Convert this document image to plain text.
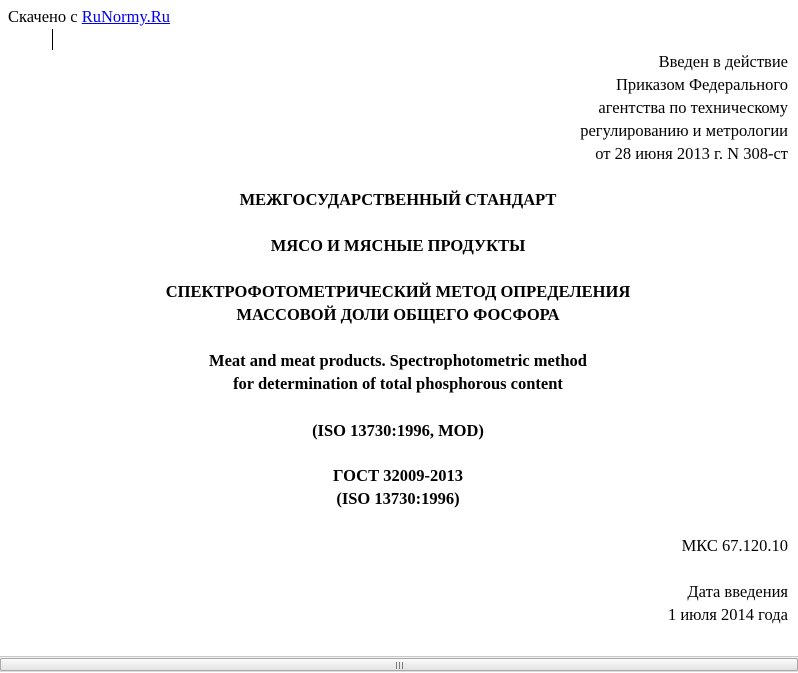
Скачено с RuNormy.Ru
Введен в действие
Приказом Федерального
агентства по техническому
регулированию и метрологии
от 28 июня 2013 г. N 308-ст
МЕЖГОСУДАРСТВЕННЫЙ СТАНДАРТ
МЯСО И МЯСНЫЕ ПРОДУКТЫ
СПЕКТРОФОТОМЕТРИЧЕСКИЙ МЕТОД ОПРЕДЕЛЕНИЯ
МАССОВОЙ ДОЛИ ОБЩЕГО ФОСФОРА
Meat and meat products. Spectrophotometric method
for determination of total phosphorous content
(ISO 13730:1996, MOD)
ГОСТ 32009-2013
(ISO 13730:1996)
МКС 67.120.10
Дата введения
1 июля 2014 года
